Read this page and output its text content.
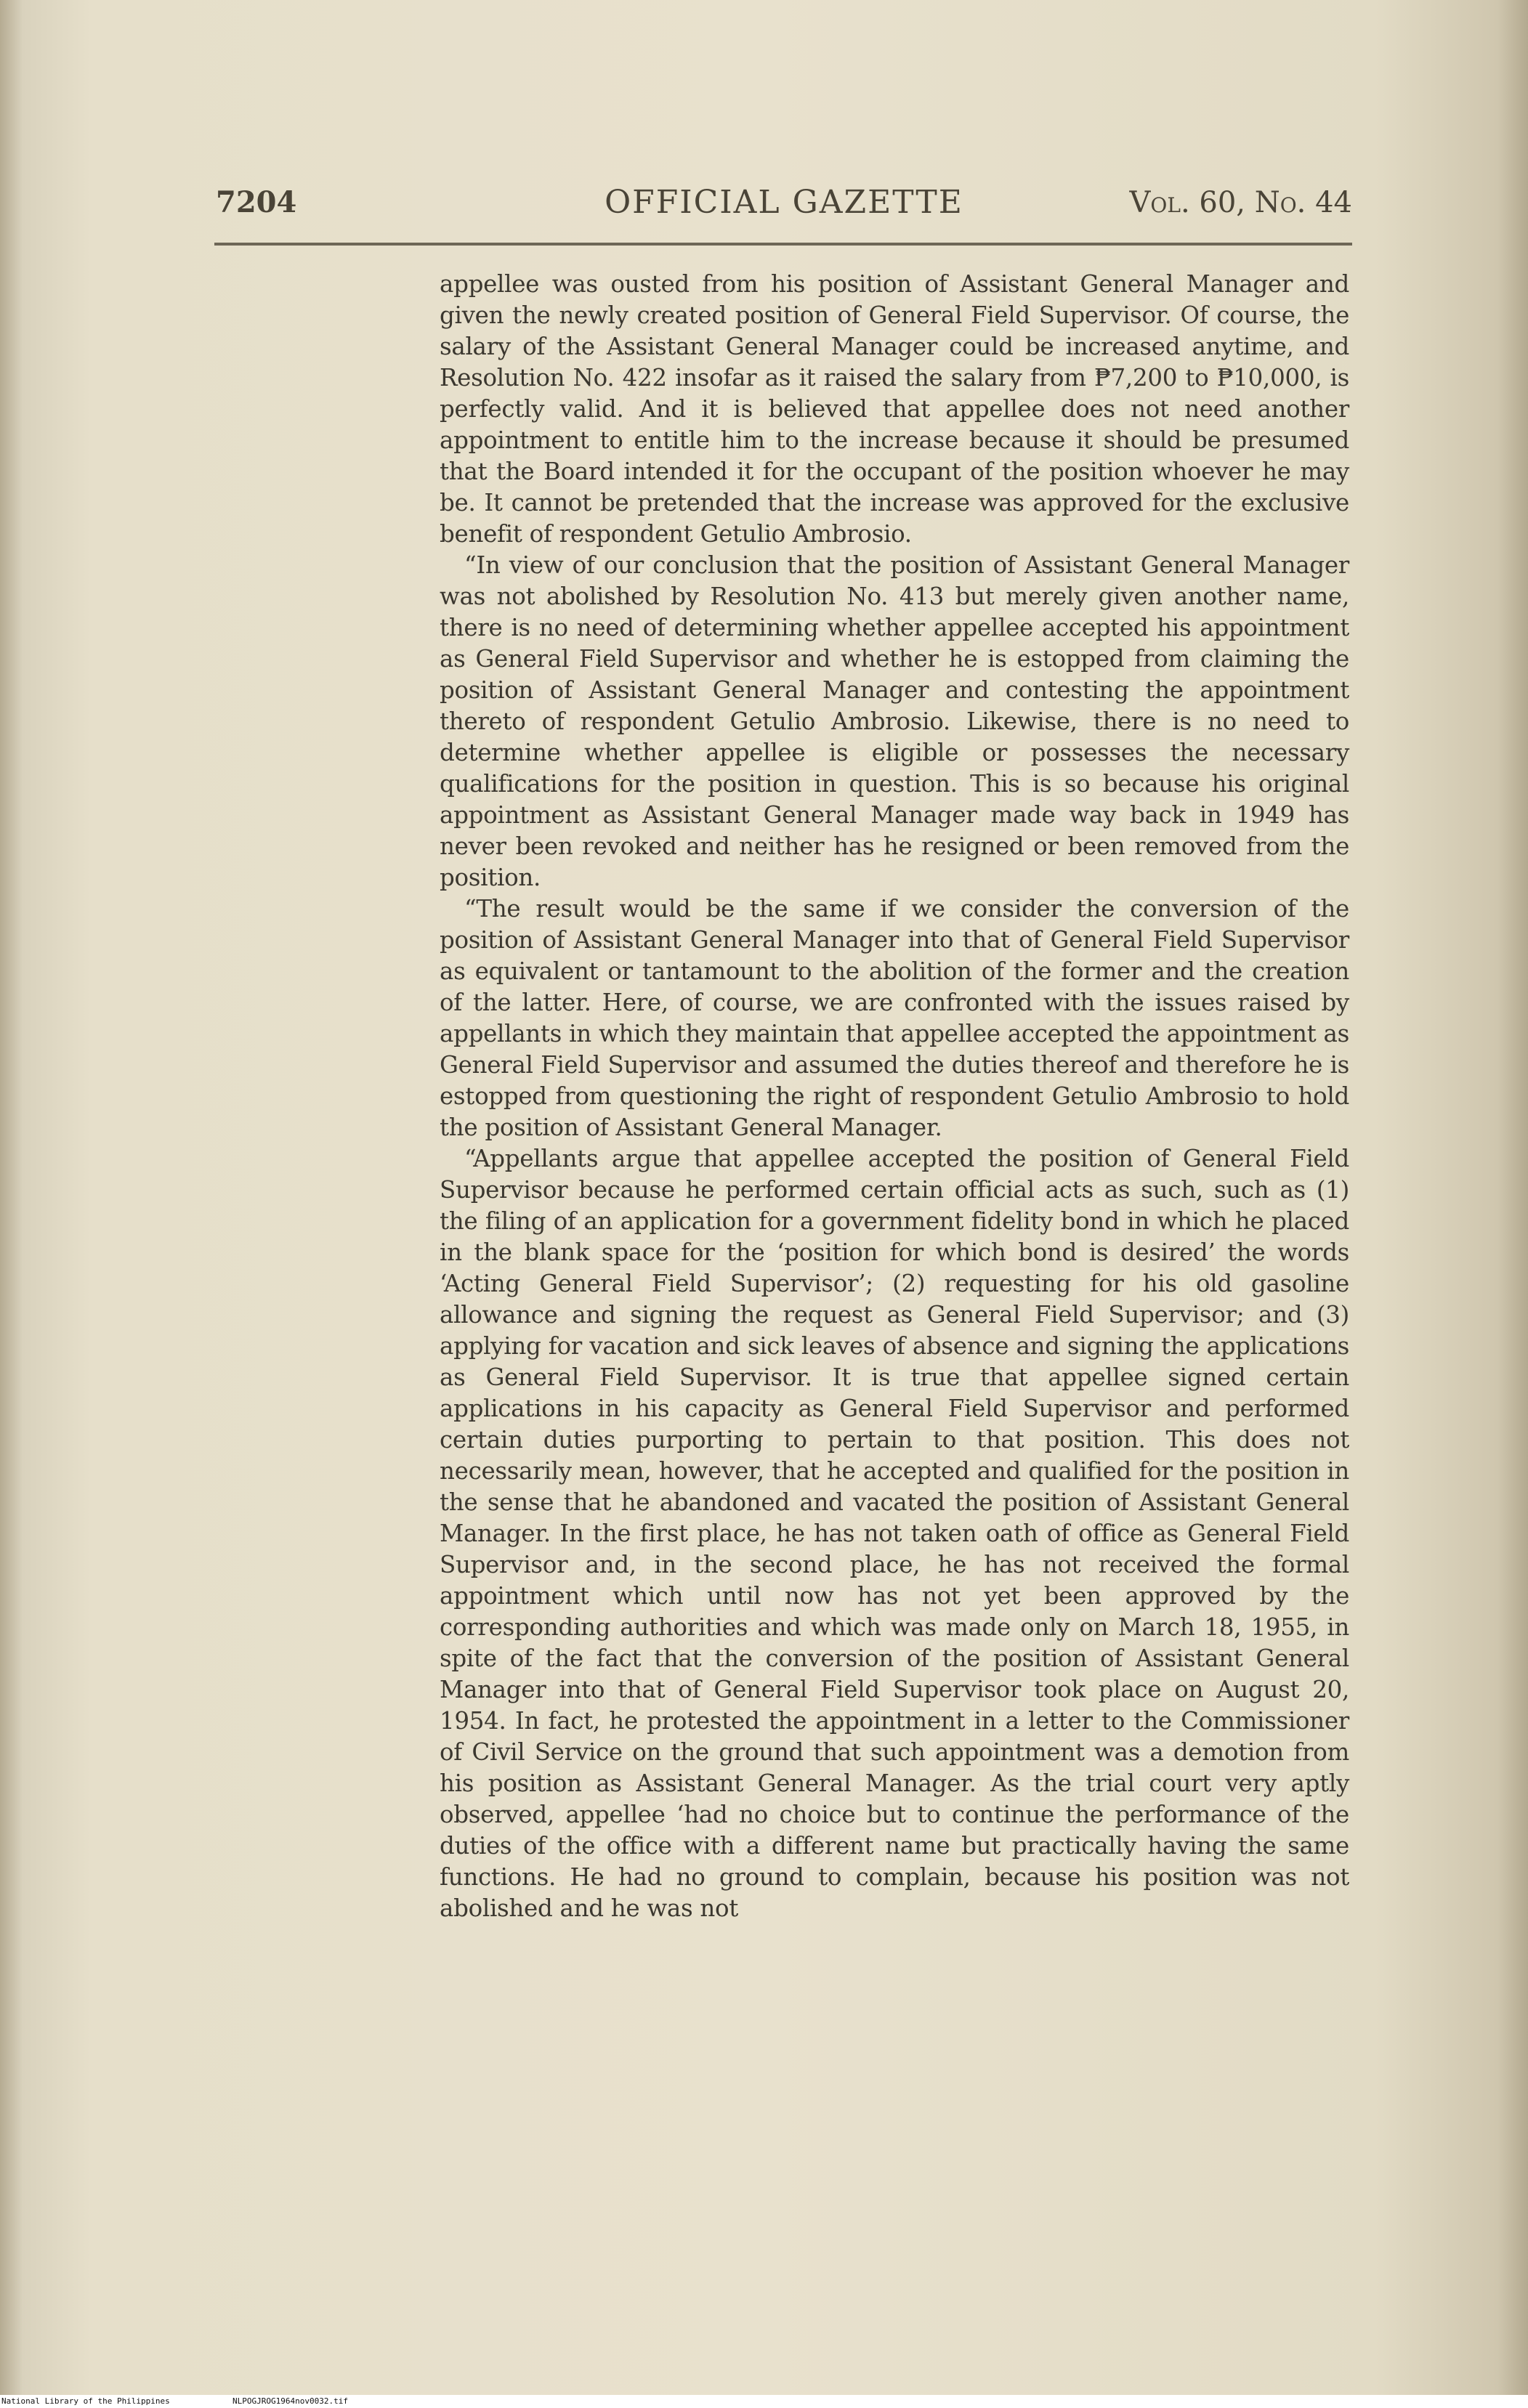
7204	OFFICIAL GAZETTE	Vol. 60, No. 44

appellee was ousted from his position of Assistant General Manager and given the newly created position of General Field Supervisor. Of course, the salary of the Assistant General Manager could be increased anytime, and Resolution No. 422 insofar as it raised the salary from ₱7,200 to ₱10,000, is perfectly valid. And it is believed that appellee does not need another appointment to entitle him to the increase because it should be presumed that the Board intended it for the occupant of the position whoever he may be. It cannot be pretended that the increase was approved for the exclusive benefit of respondent Getulio Ambrosio.

“In view of our conclusion that the position of Assistant General Manager was not abolished by Resolution No. 413 but merely given another name, there is no need of determining whether appellee accepted his appointment as General Field Supervisor and whether he is estopped from claiming the position of Assistant General Manager and contesting the appointment thereto of respondent Getulio Ambrosio. Likewise, there is no need to determine whether appellee is eligible or possesses the necessary qualifications for the position in question. This is so because his original appointment as Assistant General Manager made way back in 1949 has never been revoked and neither has he resigned or been removed from the position.

“The result would be the same if we consider the conversion of the position of Assistant General Manager into that of General Field Supervisor as equivalent or tantamount to the abolition of the former and the creation of the latter. Here, of course, we are confronted with the issues raised by appellants in which they maintain that appellee accepted the appointment as General Field Supervisor and assumed the duties thereof and therefore he is estopped from questioning the right of respondent Getulio Ambrosio to hold the position of Assistant General Manager.

“Appellants argue that appellee accepted the position of General Field Supervisor because he performed certain official acts as such, such as (1) the filing of an application for a government fidelity bond in which he placed in the blank space for the ‘position for which bond is desired’ the words ‘Acting General Field Supervisor’; (2) requesting for his old gasoline allowance and signing the request as General Field Supervisor; and (3) applying for vacation and sick leaves of absence and signing the applications as General Field Supervisor. It is true that appellee signed certain applications in his capacity as General Field Supervisor and performed certain duties purporting to pertain to that position. This does not necessarily mean, however, that he accepted and qualified for the position in the sense that he abandoned and vacated the position of Assistant General Manager. In the first place, he has not taken oath of office as General Field Supervisor and, in the second place, he has not received the formal appointment which until now has not yet been approved by the corresponding authorities and which was made only on March 18, 1955, in spite of the fact that the conversion of the position of Assistant General Manager into that of General Field Supervisor took place on August 20, 1954. In fact, he protested the appointment in a letter to the Commissioner of Civil Service on the ground that such appointment was a demotion from his position as Assistant General Manager. As the trial court very aptly observed, appellee ‘had no choice but to continue the performance of the duties of the office with a different name but practically having the same functions. He had no ground to complain, because his position was not abolished and he was not

National Library of the Philippines	NLPOGJROG1964nov0032.tif
